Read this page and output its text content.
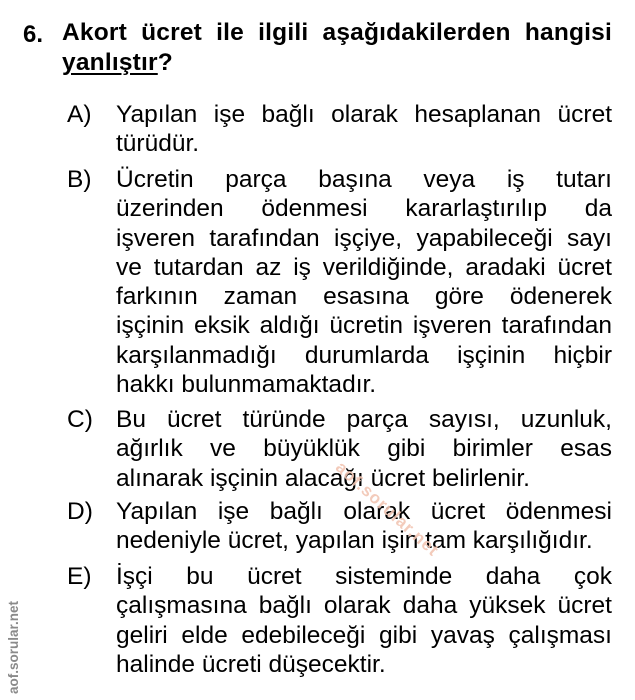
6. Akort ücret ile ilgili aşağıdakilerden hangisi yanlıştır?
A) Yapılan işe bağlı olarak hesaplanan ücret
türüdür.
B) Ücretin parça başına veya iş tutarı
üzerinden ödenmesi kararlaştırılıp da
işveren tarafından işçiye, yapabileceği sayı
ve tutardan az iş verildiğinde, aradaki ücret
farkının zaman esasına göre ödenerek
işçinin eksik aldığı ücretin işveren tarafından
karşılanmadığı durumlarda işçinin hiçbir
hakkı bulunmamaktadır.
C) Bu ücret türünde parça sayısı, uzunluk,
ağırlık ve büyüklük gibi birimler esas
alınarak işçinin alacağı ücret belirlenir.
D) Yapılan işe bağlı olarak ücret ödenmesi
nedeniyle ücret, yapılan işin tam karşılığıdır.
E) İşçi bu ücret sisteminde daha çok
çalışmasına bağlı olarak daha yüksek ücret
geliri elde edebileceği gibi yavaş çalışması
halinde ücreti düşecektir.
aof.sorular.net
aof.sorular.net
